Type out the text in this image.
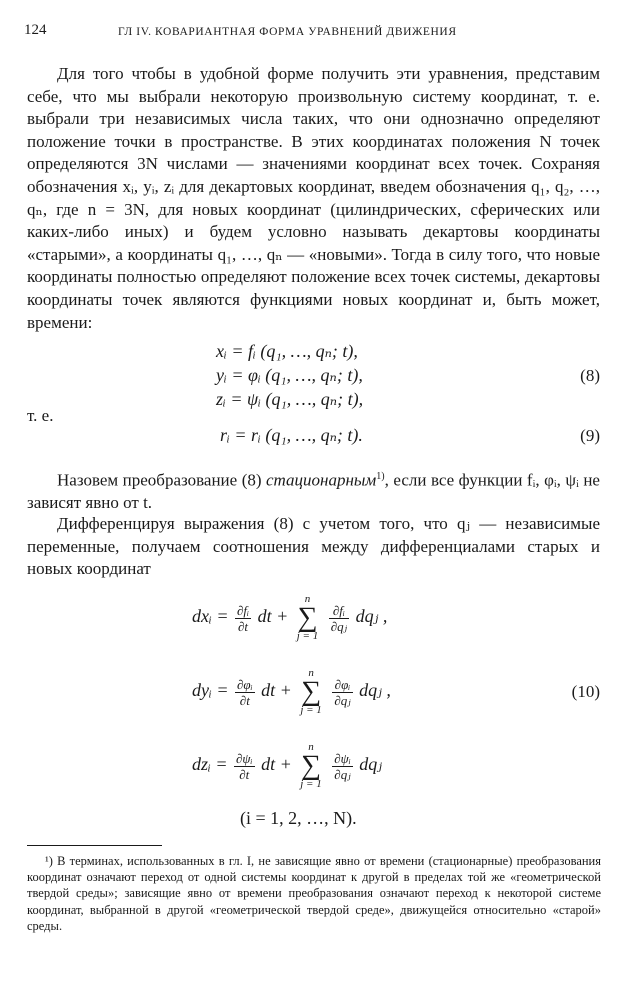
124	ГЛ IV. КОВАРИАНТНАЯ ФОРМА УРАВНЕНИЙ ДВИЖЕНИЯ

Для того чтобы в удобной форме получить эти уравнения, представим себе, что мы выбрали некоторую произвольную систему координат, т. е. выбрали три независимых числа таких, что они однозначно определяют положение точки в пространстве. В этих координатах положения N точек определяются 3N числами — значениями координат всех точек. Сохраняя обозначения xᵢ, yᵢ, zᵢ для декартовых координат, введем обозначения q₁, q₂, …, qₙ, где n = 3N, для новых координат (цилиндрических, сферических или каких-либо иных) и будем условно называть декартовы координаты «старыми», а координаты q₁, …, qₙ — «новыми». Тогда в силу того, что новые координаты полностью определяют положение всех точек системы, декартовы координаты точек являются функциями новых координат и, быть может, времени:

xᵢ = fᵢ (q₁, …, qₙ; t),
yᵢ = φᵢ (q₁, …, qₙ; t),
zᵢ = ψᵢ (q₁, …, qₙ; t),
(8)
т. е.
rᵢ = rᵢ (q₁, …, qₙ; t).	(9)

Назовем преобразование (8) стационарным$^{1)}$, если все функции fᵢ, φᵢ, ψᵢ не зависят явно от t.

Дифференцируя выражения (8) с учетом того, что qⱼ — независимые переменные, получаем соотношения между дифференциалами старых и новых координат

dxᵢ = $\frac{\text{∂fᵢ}}{\partial t}$ dt + n
∑
j = 1
$\frac{\text{∂fᵢ}}{\text{∂qⱼ}}$ dqⱼ ,
dyᵢ = $\frac{\text{∂φᵢ}}{\partial t}$ dt + n
∑
j = 1
$\frac{\text{∂φᵢ}}{\text{∂qⱼ}}$ dqⱼ ,	(10)
dzᵢ = $\frac{\text{∂ψᵢ}}{\partial t}$ dt + n
∑
j = 1
$\frac{\text{∂ψᵢ}}{\text{∂qⱼ}}$ dqⱼ
(i = 1, 2, …, N).

¹) В терминах, использованных в гл. I, не зависящие явно от времени (стационарные) преобразования координат означают переход от одной системы координат к другой в пределах той же «геометрической твердой среды»; зависящие явно от времени преобразования означают переход к некоторой системе координат, выбранной в другой «геометрической твердой среде», движущейся относительно «старой» среды.
